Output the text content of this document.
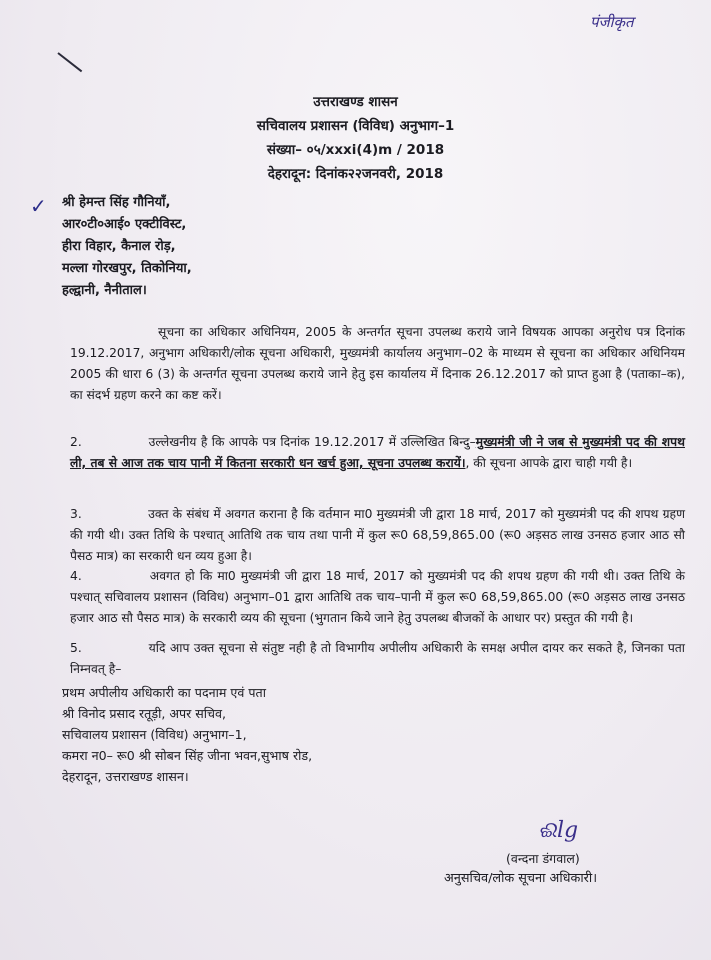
पंजीकृत
✓
उत्तराखण्ड शासन
सचिवालय प्रशासन (विविध) अनुभाग–1
संख्या– ०५/xxxi(4)m / 2018
देहरादून: दिनांक२२जनवरी, 2018
श्री हेमन्त सिंह गौनियाँ,
आर०टी०आई० एक्टीविस्ट,
हीरा विहार, कैनाल रोड़,
मल्ला गोरखपुर, तिकोनिया,
हल्द्वानी, नैनीताल।
सूचना का अधिकार अधिनियम, 2005 के अन्तर्गत सूचना उपलब्ध कराये जाने विषयक आपका अनुरोध पत्र दिनांक 19.12.2017, अनुभाग अधिकारी/लोक सूचना अधिकारी, मुख्यमंत्री कार्यालय अनुभाग–02 के माध्यम से सूचना का अधिकार अधिनियम 2005 की धारा 6 (3) के अन्तर्गत सूचना उपलब्ध कराये जाने हेतु इस कार्यालय में दिनाक 26.12.2017 को प्राप्त हुआ है (पताका–क), का संदर्भ ग्रहण करने का कष्ट करें।
2.	उल्लेखनीय है कि आपके पत्र दिनांक 19.12.2017 में उल्लिखित बिन्दु–मुख्यमंत्री जी ने जब से मुख्यमंत्री पद की शपथ ली, तब से आज तक चाय पानी में कितना सरकारी धन खर्च हुआ, सूचना उपलब्ध करायें।, की सूचना आपके द्वारा चाही गयी है।
3.	उक्त के संबंध में अवगत कराना है कि वर्तमान मा0 मुख्यमंत्री जी द्वारा 18 मार्च, 2017 को मुख्यमंत्री पद की शपथ ग्रहण की गयी थी। उक्त तिथि के पश्चात् आतिथि तक चाय तथा पानी में कुल रू0 68,59,865.00 (रू0 अड़सठ लाख उनसठ हजार आठ सौ पैसठ मात्र) का सरकारी धन व्यय हुआ है।
4.	अवगत हो कि मा0 मुख्यमंत्री जी द्वारा 18 मार्च, 2017 को मुख्यमंत्री पद की शपथ ग्रहण की गयी थी। उक्त तिथि के पश्चात् सचिवालय प्रशासन (विविध) अनुभाग–01 द्वारा आतिथि तक चाय–पानी में कुल रू0 68,59,865.00 (रू0 अड़सठ लाख उनसठ हजार आठ सौ पैसठ मात्र) के सरकारी व्यय की सूचना (भुगतान किये जाने हेतु उपलब्ध बीजकों के आधार पर) प्रस्तुत की गयी है।
5.	यदि आप उक्त सूचना से संतुष्ट नही है तो विभागीय अपीलीय अधिकारी के समक्ष अपील दायर कर सकते है, जिनका पता निम्नवत् है–
प्रथम अपीलीय अधिकारी का पदनाम एवं पता
श्री विनोद प्रसाद रतूड़ी, अपर सचिव,
सचिवालय प्रशासन (विविध) अनुभाग–1,
कमरा न0– रू0 श्री सोबन सिंह जीना भवन,सुभाष रोड,
देहरादून, उत्तराखण्ड शासन।
ଈlg
(वन्दना डंगवाल)
अनुसचिव/लोक सूचना अधिकारी।
